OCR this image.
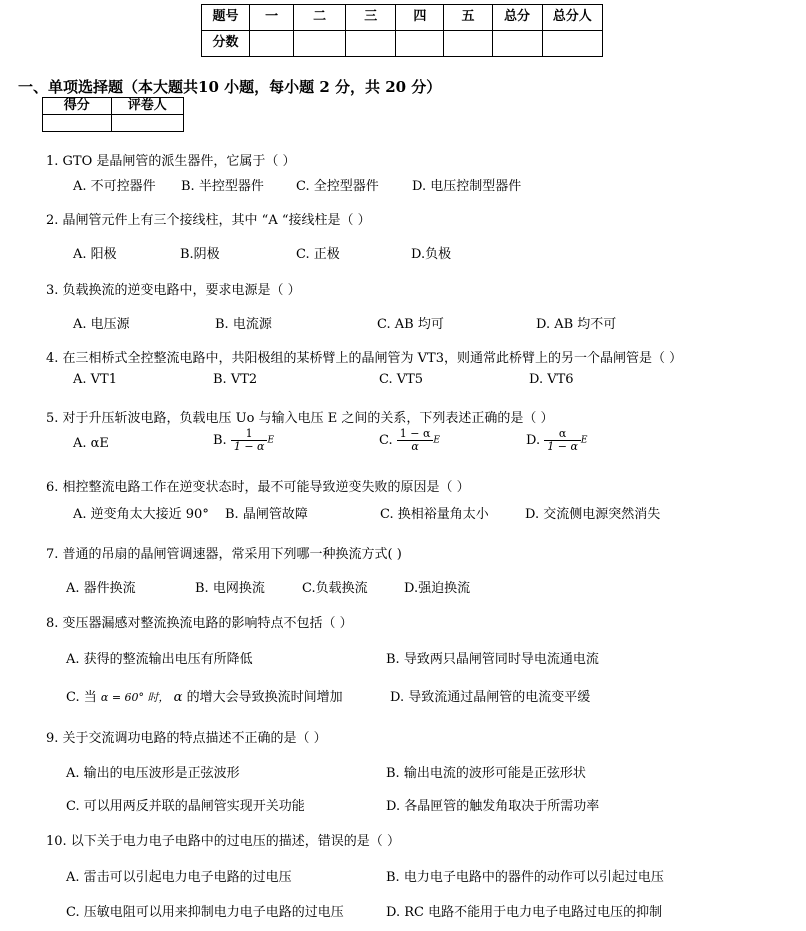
题号	一	二	三	四	五	总分	总分人
分数							
一、单项选择题（本大题共10 小题，每小题 2 分，共 20 分）
得分	评卷人

1. GTO 是晶闸管的派生器件，它属于（ ）
A. 不可控器件 B. 半控型器件 C. 全控型器件	D. 电压控制型器件
2. 晶闸管元件上有三个接线柱，其中 “A “接线柱是（ ）
A. 阳极	B.阴极	C. 正极	D.负极
3. 负载换流的逆变电路中，要求电源是（ ）
A. 电压源	B. 电流源	C. AB 均可	D. AB 均不可
4. 在三相桥式全控整流电路中，共阳极组的某桥臂上的晶闸管为 VT3，则通常此桥臂上的另一个晶闸管是（ ）
A. VT1	B. VT2	C. VT5	D. VT6
5. 对于升压斩波电路，负载电压 Uo 与输入电压 E 之间的关系，下列表述正确的是（ ）
A. αE	B. $\frac{1}{1 - \alpha}$ E	C. $\frac{1 - \alpha}{\alpha}$ E	D. $\frac{\alpha}{1 - \alpha}$ E
6. 相控整流电路工作在逆变状态时，最不可能导致逆变失败的原因是（ ）
A. 逆变角太大接近 90° B. 晶闸管故障	C. 换相裕量角太小	D. 交流侧电源突然消失
7. 普通的吊扇的晶闸管调速器，常采用下列哪一种换流方式( )
A. 器件换流	B. 电网换流	C.负载换流	D.强迫换流
8. 变压器漏感对整流换流电路的影响特点不包括（ ）
A. 获得的整流输出电压有所降低	B. 导致两只晶闸管同时导电流通电流
C. 当 α = 60° 时， α 的增大会导致换流时间增加	D. 导致流通过晶闸管的电流变平缓
9. 关于交流调功电路的特点描述不正确的是（ ）
A. 输出的电压波形是正弦波形	B. 输出电流的波形可能是正弦形状
C. 可以用两反并联的晶闸管实现开关功能	D. 各晶匣管的触发角取决于所需功率
10. 以下关于电力电子电路中的过电压的描述，错误的是（ ）
A. 雷击可以引起电力电子电路的过电压	B. 电力电子电路中的器件的动作可以引起过电压
C. 压敏电阻可以用来抑制电力电子电路的过电压	D. RC 电路不能用于电力电子电路过电压的抑制
